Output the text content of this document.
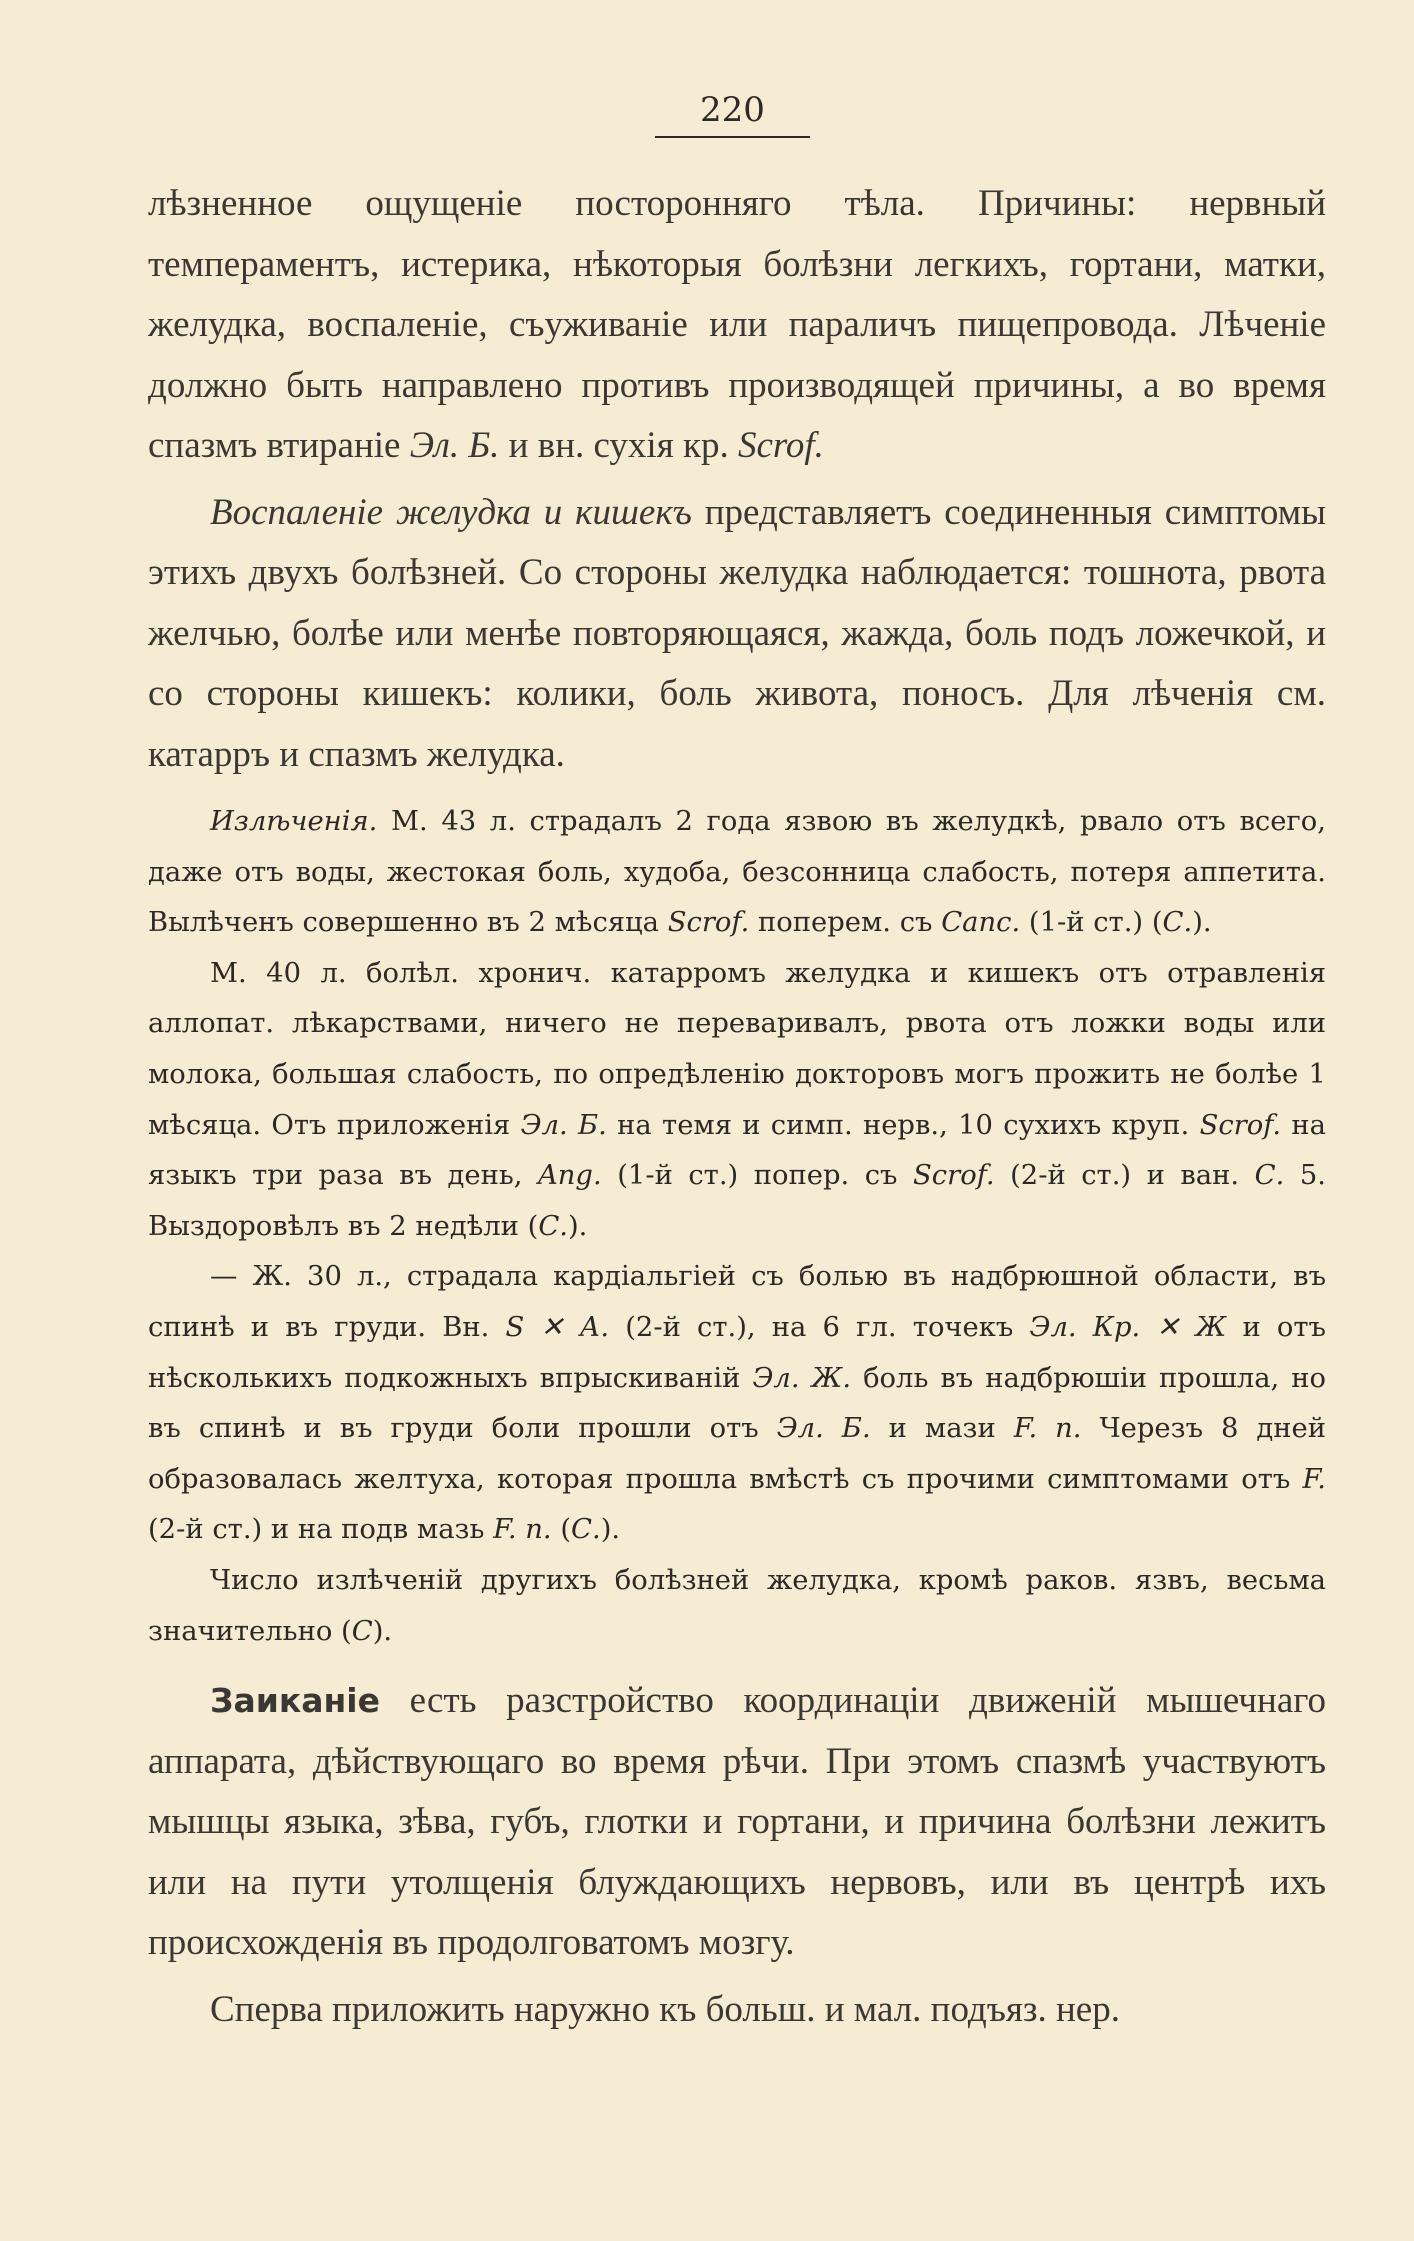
220

лѣзненное ощущеніе посторонняго тѣла. Причины: нервный темпераментъ, истерика, нѣкоторыя болѣзни легкихъ, гортани, матки, желудка, воспаленіе, съуживаніе или параличъ пищепровода. Лѣченіе должно быть направлено противъ производящей причины, а во время спазмъ втираніе Эл. Б. и вн. сухія кр. Scrof.

Воспаленіе желудка и кишекъ представляетъ соединенныя симптомы этихъ двухъ болѣзней. Со стороны желудка наблюдается: тошнота, рвота желчью, болѣе или менѣе повторяющаяся, жажда, боль подъ ложечкой, и со стороны кишекъ: колики, боль живота, поносъ. Для лѣченія см. катарръ и спазмъ желудка.

Излѣченія. М. 43 л. страдалъ 2 года язвою въ желудкѣ, рвало отъ всего, даже отъ воды, жестокая боль, худоба, безсонница слабость, потеря аппетита. Вылѣченъ совершенно въ 2 мѣсяца Scrof. поперем. съ Canc. (1-й ст.) (С.).

М. 40 л. болѣл. хронич. катарромъ желудка и кишекъ отъ отравленія аллопат. лѣкарствами, ничего не переваривалъ, рвота отъ ложки воды или молока, большая слабость, по опредѣленію докторовъ могъ прожить не болѣе 1 мѣсяца. Отъ приложенія Эл. Б. на темя и симп. нерв., 10 сухихъ круп. Scrof. на языкъ три раза въ день, Ang. (1-й ст.) попер. съ Scrof. (2-й ст.) и ван. С. 5. Выздоровѣлъ въ 2 недѣли (С.).

— Ж. 30 л., страдала кардіальгіей съ болью въ надбрюшной области, въ спинѣ и въ груди. Вн. S ✕ А. (2-й ст.), на 6 гл. точекъ Эл. Кр. ✕ Ж и отъ нѣсколькихъ подкожныхъ впрыскиваній Эл. Ж. боль въ надбрюшіи прошла, но въ спинѣ и въ груди боли прошли отъ Эл. Б. и мази F. п. Черезъ 8 дней образовалась желтуха, которая прошла вмѣстѣ съ прочими симптомами отъ F. (2-й ст.) и на подв мазь F. п. (С.).

Число излѣченій другихъ болѣзней желудка, кромѣ раков. язвъ, весьма значительно (С).

Заиканіе есть разстройство координаціи движеній мышечнаго аппарата, дѣйствующаго во время рѣчи. При этомъ спазмѣ участвуютъ мышцы языка, зѣва, губъ, глотки и гортани, и причина болѣзни лежитъ или на пути утолщенія блуждающихъ нервовъ, или въ центрѣ ихъ происхожденія въ продолговатомъ мозгу.

Сперва приложить наружно къ больш. и мал. подъяз. нер.
